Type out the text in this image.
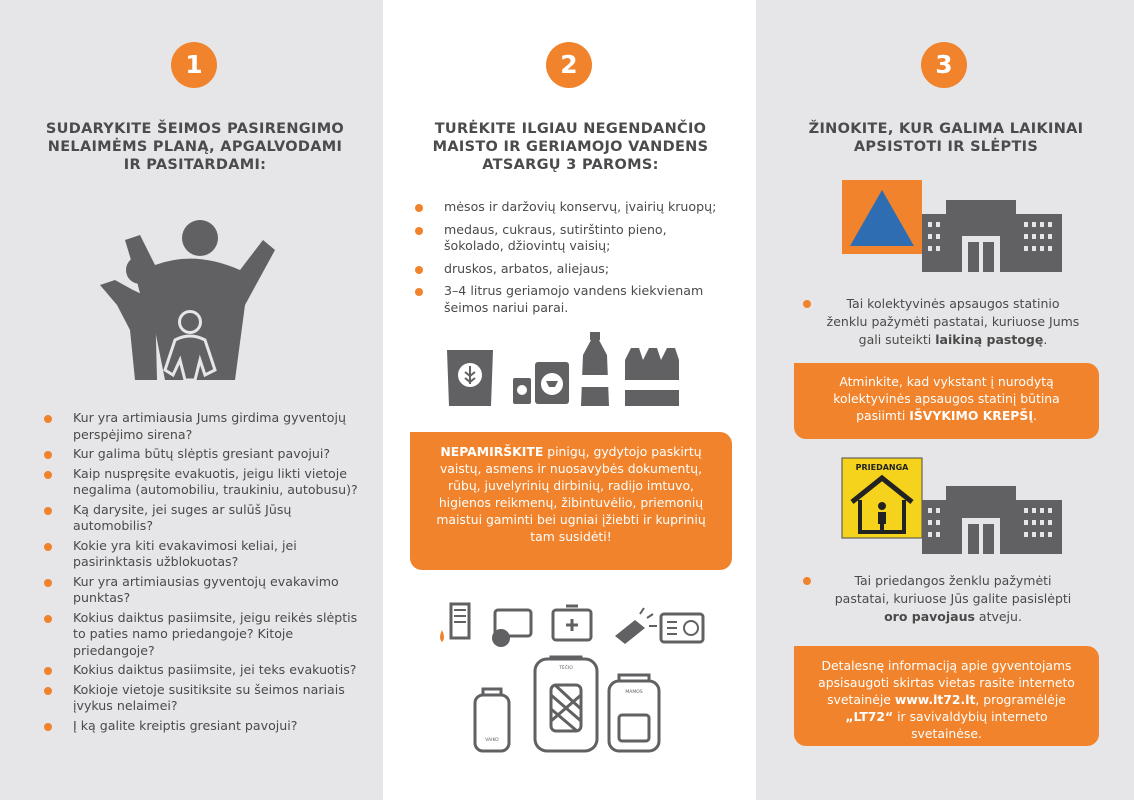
1
SUDARYKITE ŠEIMOS PASIRENGIMO
NELAIMĖMS PLANĄ, APGALVODAMI
IR PASITARDAMI:
Kur yra artimiausia Jums girdima gyventojų perspėjimo sirena?
Kur galima būtų slėptis gresiant pavojui?
Kaip nuspręsite evakuotis, jeigu likti vietoje negalima (automobiliu, traukiniu, autobusu)?
Ką darysite, jei suges ar sulūš Jūsų automobilis?
Kokie yra kiti evakavimosi keliai, jei pasirinktasis užblokuotas?
Kur yra artimiausias gyventojų evakavimo punktas?
Kokius daiktus pasiimsite, jeigu reikės slėptis to paties namo priedangoje? Kitoje priedangoje?
Kokius daiktus pasiimsite, jei teks evakuotis?
Kokioje vietoje susitiksite su šeimos nariais įvykus nelaimei?
Į ką galite kreiptis gresiant pavojui?
2
TURĖKITE ILGIAU NEGENDANČIO
MAISTO IR GERIAMOJO VANDENS
ATSARGŲ 3 PAROMS:
mėsos ir daržovių konservų, įvairių kruopų;
medaus, cukraus, sutirštinto pieno, šokolado, džiovintų vaisių;
druskos, arbatos, aliejaus;
3–4 litrus geriamojo vandens kiekvienam šeimos nariui parai.
NEPAMIRŠKITE pinigų, gydytojo paskirtų vaistų, asmens ir nuosavybės dokumentų, rūbų, juvelyrinių dirbinių, radijo imtuvo, higienos reikmenų, žibintuvėlio, priemonių maistui gaminti bei ugniai įžiebti ir kuprinių tam susidėti!
TĖČIO
MAMOS
VAIKO
3
ŽINOKITE, KUR GALIMA LAIKINAI
APSISTOTI IR SLĖPTIS
Tai kolektyvinės apsaugos statinio ženklu pažymėti pastatai, kuriuose Jums gali suteikti laikiną pastogę.
Atminkite, kad vykstant į nurodytą kolektyvinės apsaugos statinį būtina pasiimti IŠVYKIMO KREPŠĮ.
PRIEDANGA
Tai priedangos ženklu pažymėti pastatai, kuriuose Jūs galite pasislėpti oro pavojaus atveju.
Detalesnę informaciją apie gyventojams apsisaugoti skirtas vietas rasite interneto svetainėje www.lt72.lt, programėlėje „LT72“ ir savivaldybių interneto svetainėse.
